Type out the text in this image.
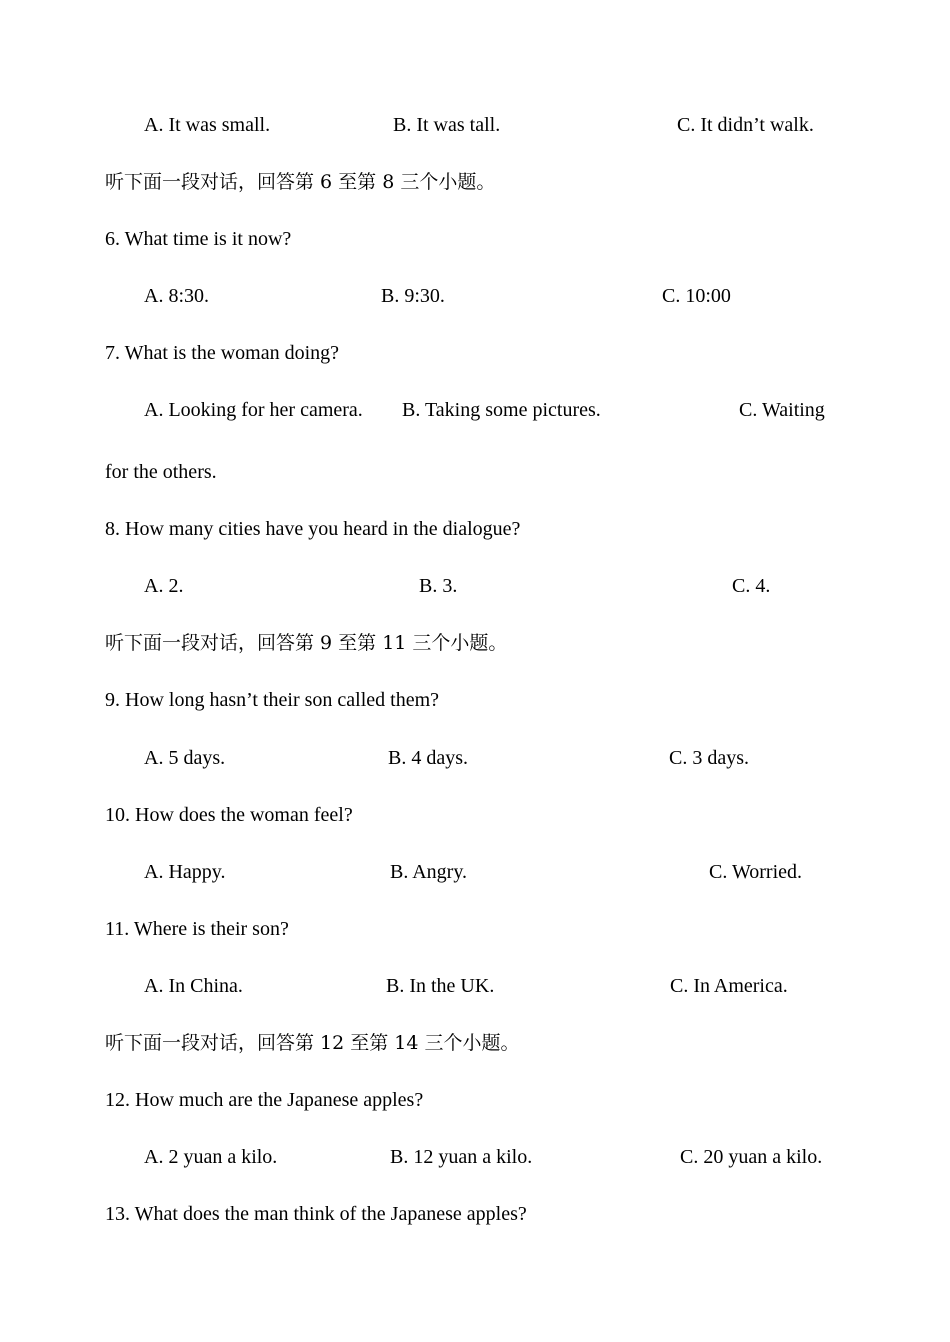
A. It was small.	B. It was tall.	C. It didn’t walk.
听下面一段对话，回答第 6 至第 8 三个小题。
6. What time is it now?
A. 8:30.	B. 9:30.	C. 10:00
7. What is the woman doing?
A. Looking for her camera. B. Taking some pictures.	C. Waiting
for the others.
8. How many cities have you heard in the dialogue?
A. 2.	B. 3.	C. 4.
听下面一段对话，回答第 9 至第 11 三个小题。
9. How long hasn’t their son called them?
A. 5 days.	B. 4 days.	C. 3 days.
10. How does the woman feel?
A. Happy.	B. Angry.	C. Worried.
11. Where is their son?
A. In China.	B. In the UK.	C. In America.
听下面一段对话，回答第 12 至第 14 三个小题。
12. How much are the Japanese apples?
A. 2 yuan a kilo.	B. 12 yuan a kilo.	C. 20 yuan a kilo.
13. What does the man think of the Japanese apples?
